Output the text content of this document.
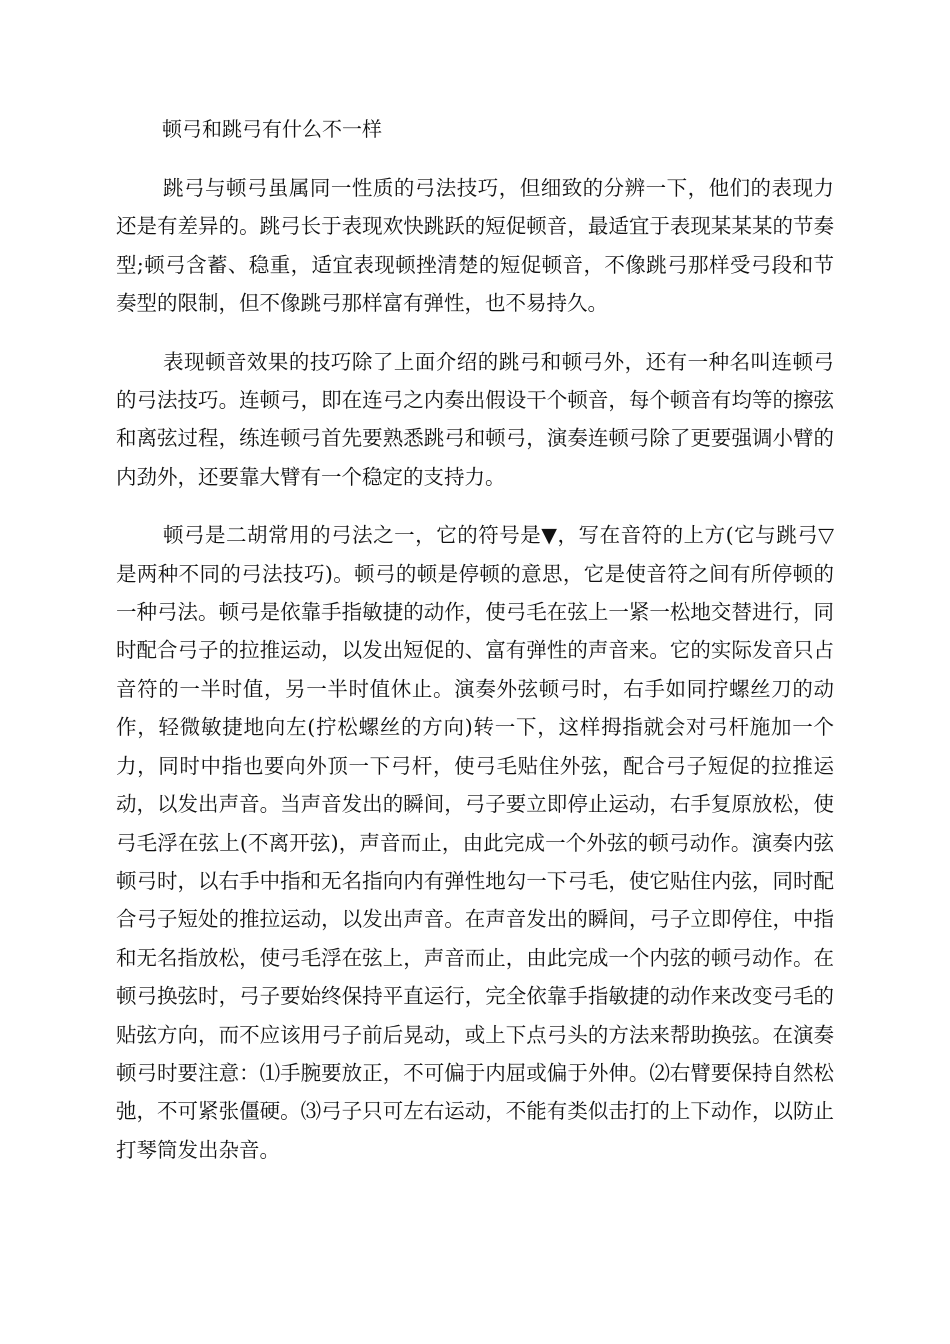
顿弓和跳弓有什么不一样

跳弓与顿弓虽属同一性质的弓法技巧，但细致的分辨一下，他们的表现力还是有差异的。跳弓长于表现欢快跳跃的短促顿音，最适宜于表现某某某的节奏型;顿弓含蓄、稳重，适宜表现顿挫清楚的短促顿音，不像跳弓那样受弓段和节奏型的限制，但不像跳弓那样富有弹性，也不易持久。

表现顿音效果的技巧除了上面介绍的跳弓和顿弓外，还有一种名叫连顿弓的弓法技巧。连顿弓，即在连弓之内奏出假设干个顿音，每个顿音有均等的擦弦和离弦过程，练连顿弓首先要熟悉跳弓和顿弓，演奏连顿弓除了更要强调小臂的内劲外，还要靠大臂有一个稳定的支持力。

顿弓是二胡常用的弓法之一，它的符号是▼，写在音符的上方(它与跳弓▽是两种不同的弓法技巧)。顿弓的顿是停顿的意思，它是使音符之间有所停顿的一种弓法。顿弓是依靠手指敏捷的动作，使弓毛在弦上一紧一松地交替进行，同时配合弓子的拉推运动，以发出短促的、富有弹性的声音来。它的实际发音只占音符的一半时值，另一半时值休止。演奏外弦顿弓时，右手如同拧螺丝刀的动作，轻微敏捷地向左(拧松螺丝的方向)转一下，这样拇指就会对弓杆施加一个力，同时中指也要向外顶一下弓杆，使弓毛贴住外弦，配合弓子短促的拉推运动，以发出声音。当声音发出的瞬间，弓子要立即停止运动，右手复原放松，使弓毛浮在弦上(不离开弦)，声音而止，由此完成一个外弦的顿弓动作。演奏内弦顿弓时，以右手中指和无名指向内有弹性地勾一下弓毛，使它贴住内弦，同时配合弓子短处的推拉运动，以发出声音。在声音发出的瞬间，弓子立即停住，中指和无名指放松，使弓毛浮在弦上，声音而止，由此完成一个内弦的顿弓动作。在顿弓换弦时，弓子要始终保持平直运行，完全依靠手指敏捷的动作来改变弓毛的贴弦方向，而不应该用弓子前后晃动，或上下点弓头的方法来帮助换弦。在演奏顿弓时要注意：⑴手腕要放正，不可偏于内屈或偏于外伸。⑵右臂要保持自然松弛，不可紧张僵硬。⑶弓子只可左右运动，不能有类似击打的上下动作，以防止打琴筒发出杂音。
